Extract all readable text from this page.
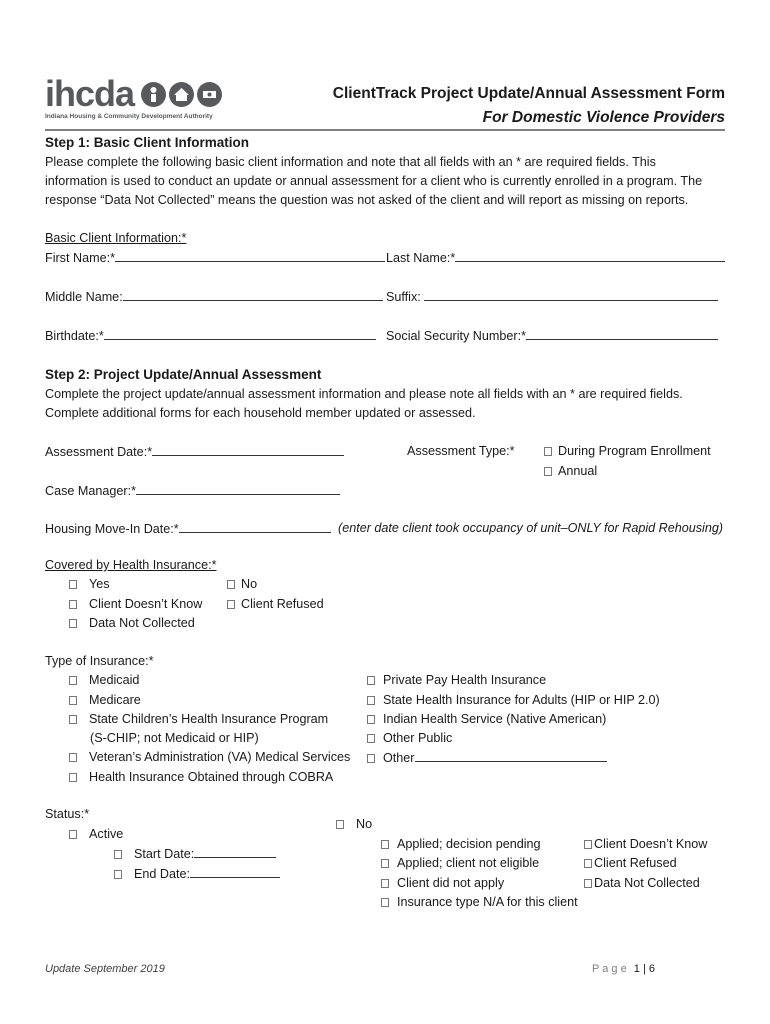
ihcda
Indiana Housing & Community Development Authority
ClientTrack Project Update/Annual Assessment Form
For Domestic Violence Providers
Step 1: Basic Client Information
Please complete the following basic client information and note that all fields with an * are required fields. This
information is used to conduct an update or annual assessment for a client who is currently enrolled in a program. The
response “Data Not Collected” means the question was not asked of the client and will report as missing on reports.
Basic Client Information:*
First Name:*	Last Name:*
Middle Name:	Suffix:
Birthdate:*	Social Security Number:*
Step 2: Project Update/Annual Assessment
Complete the project update/annual assessment information and please note all fields with an * are required fields.
Complete additional forms for each household member updated or assessed.
Assessment Date:*	Assessment Type:*	During Program Enrollment
Annual
Case Manager:*
Housing Move-In Date:*	(enter date client took occupancy of unit–ONLY for Rapid Rehousing)
Covered by Health Insurance:*
Yes	No
Client Doesn’t Know	Client Refused
Data Not Collected
Type of Insurance:*
Medicaid
Medicare
State Children’s Health Insurance Program
(S-CHIP; not Medicaid or HIP)
Veteran’s Administration (VA) Medical Services
Health Insurance Obtained through COBRA
Private Pay Health Insurance
State Health Insurance for Adults (HIP or HIP 2.0)
Indian Health Service (Native American)
Other Public
Other
Status:*
Active
Start Date:
End Date:
No
Applied; decision pending
Applied; client not eligible
Client did not apply
Insurance type N/A for this client
Client Doesn’t Know
Client Refused
Data Not Collected
Update September 2019	P a g e 1 | 6
